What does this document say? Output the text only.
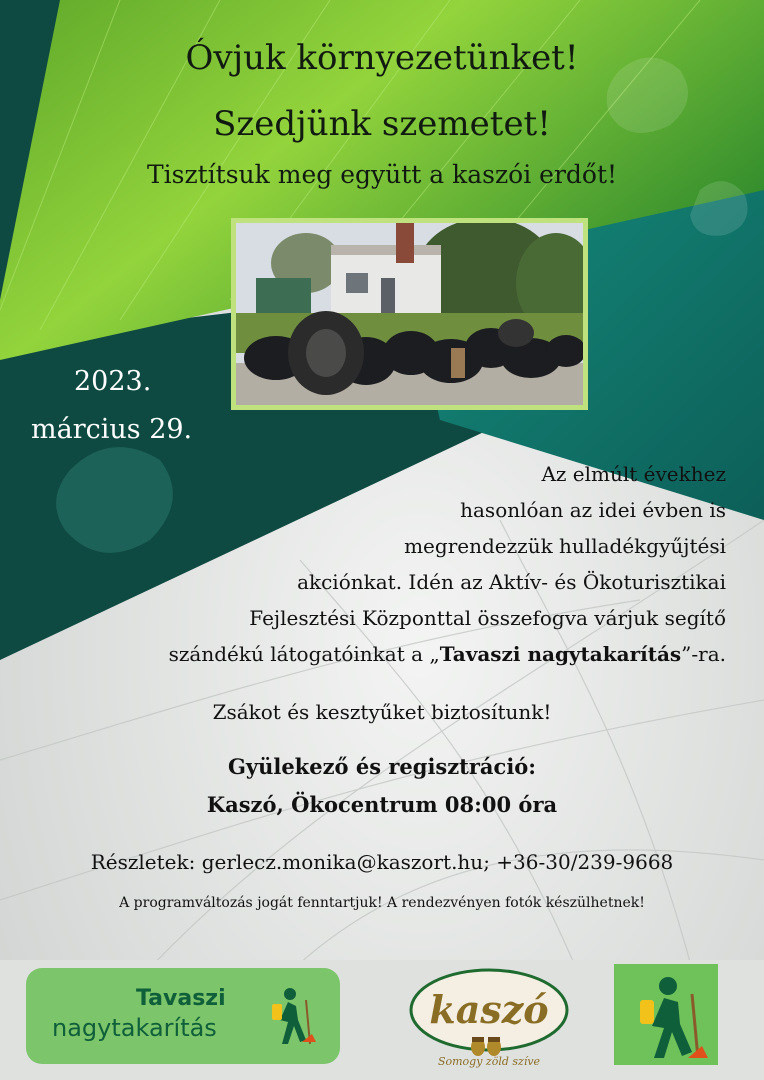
Óvjuk környezetünket!
Szedjünk szemetet!
Tisztítsuk meg együtt a kaszói erdőt!
2023.
március 29.
Az elmúlt évekhez
hasonlóan az idei évben is
megrendezzük hulladékgyűjtési
akciónkat. Idén az Aktív- és Ökoturisztikai
Fejlesztési Központtal összefogva várjuk segítő
szándékú látogatóinkat a „Tavaszi nagytakarítás”-ra.
Zsákot és kesztyűket biztosítunk!
Gyülekező és regisztráció:
Kaszó, Ökocentrum 08:00 óra
Részletek: gerlecz.monika@kaszort.hu; +36-30/239-9668
A programváltozás jogát fenntartjuk! A rendezvényen fotók készülhetnek!
Tavaszi
nagytakarítás	kaszó
Somogy zöld szíve
